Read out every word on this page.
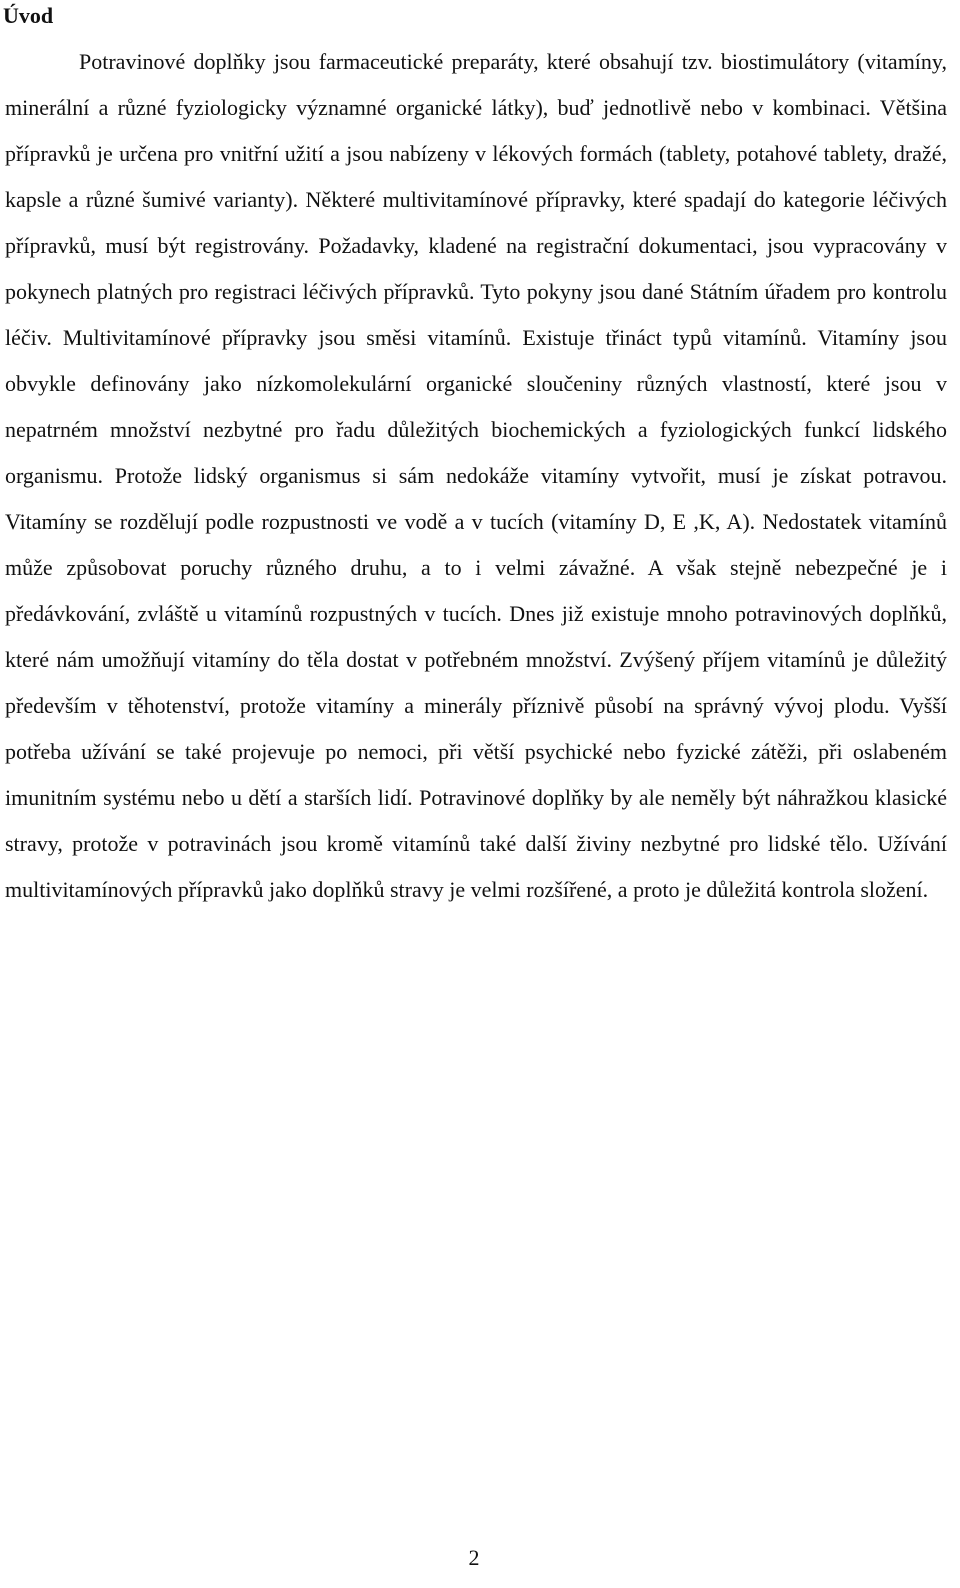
Úvod

Potravinové doplňky jsou farmaceutické preparáty, které obsahují tzv. biostimulátory (vitamíny, minerální a různé fyziologicky významné organické látky), buď jednotlivě nebo v kombinaci. Většina přípravků je určena pro vnitřní užití a jsou nabízeny v lékových formách (tablety, potahové tablety, dražé, kapsle a různé šumivé varianty). Některé multivitamínové přípravky, které spadají do kategorie léčivých přípravků, musí být registrovány. Požadavky, kladené na registrační dokumentaci, jsou vypracovány v pokynech platných pro registraci léčivých přípravků. Tyto pokyny jsou dané Státním úřadem pro kontrolu léčiv. Multivitamínové přípravky jsou směsi vitamínů. Existuje třináct typů vitamínů. Vitamíny jsou obvykle definovány jako nízkomolekulární organické sloučeniny různých vlastností, které jsou v nepatrném množství nezbytné pro řadu důležitých biochemických a fyziologických funkcí lidského organismu. Protože lidský organismus si sám nedokáže vitamíny vytvořit, musí je získat potravou. Vitamíny se rozdělují podle rozpustnosti ve vodě a v tucích (vitamíny D, E ,K, A). Nedostatek vitamínů může způsobovat poruchy různého druhu, a to i velmi závažné. A však stejně nebezpečné je i předávkování, zvláště u vitamínů rozpustných v tucích. Dnes již existuje mnoho potravinových doplňků, které nám umožňují vitamíny do těla dostat v potřebném množství. Zvýšený příjem vitamínů je důležitý především v těhotenství, protože vitamíny a minerály příznivě působí na správný vývoj plodu. Vyšší potřeba užívání se také projevuje po nemoci, při větší psychické nebo fyzické zátěži, při oslabeném imunitním systému nebo u dětí a starších lidí. Potravinové doplňky by ale neměly být náhražkou klasické stravy, protože v potravinách jsou kromě vitamínů také další živiny nezbytné pro lidské tělo. Užívání multivitamínových přípravků jako doplňků stravy je velmi rozšířené, a proto je důležitá kontrola složení.

2
